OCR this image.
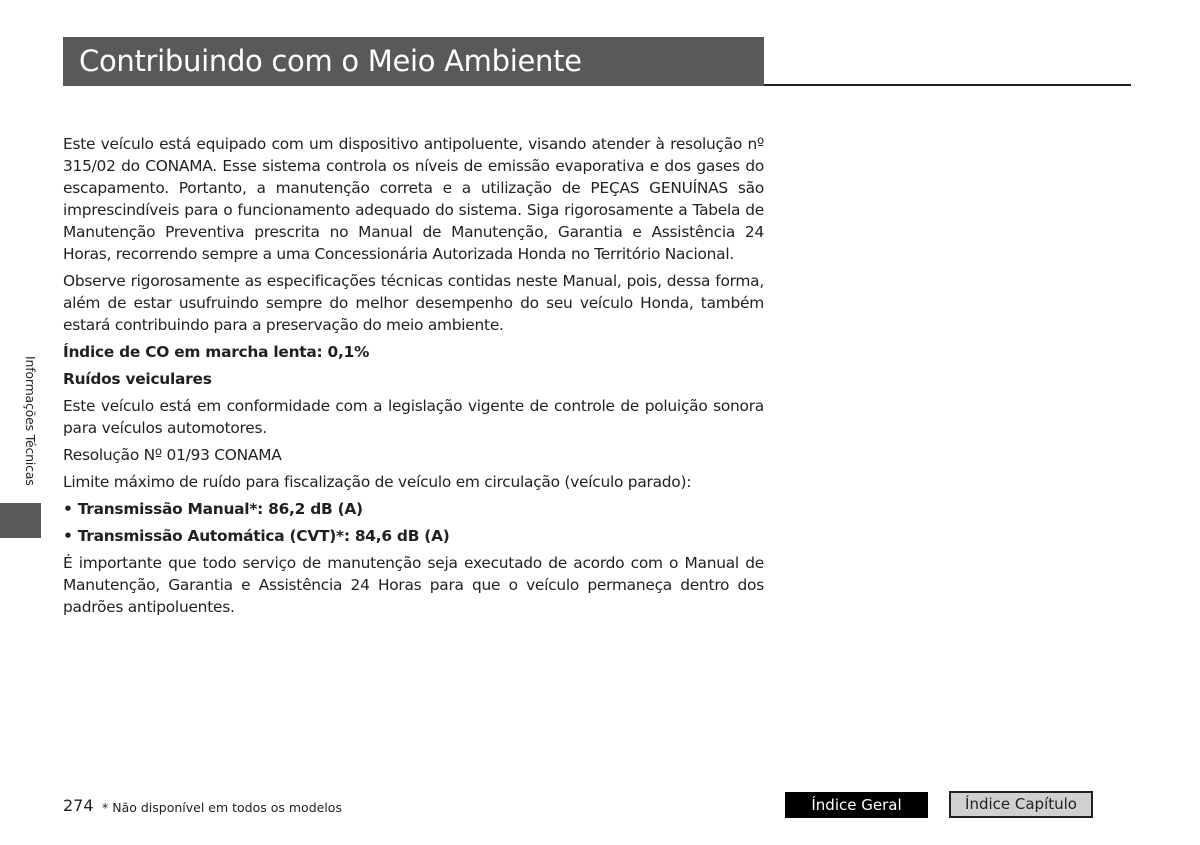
Contribuindo com o Meio Ambiente
Informações Técnicas

Este veículo está equipado com um dispositivo antipoluente, visando atender à resolução nº 315/02 do CONAMA. Esse sistema controla os níveis de emissão evaporativa e dos gases do escapamento. Portanto, a manutenção correta e a utilização de PEÇAS GENUÍNAS são imprescindíveis para o funcionamento adequado do sistema. Siga rigorosamente a Tabela de Manutenção Preventiva prescrita no Manual de Manutenção, Garantia e Assistência 24 Horas, recorrendo sempre a uma Concessionária Autorizada Honda no Território Nacional.

Observe rigorosamente as especificações técnicas contidas neste Manual, pois, dessa forma, além de estar usufruindo sempre do melhor desempenho do seu veículo Honda, também estará contribuindo para a preservação do meio ambiente.

Índice de CO em marcha lenta: 0,1%

Ruídos veiculares

Este veículo está em conformidade com a legislação vigente de controle de poluição sonora para veículos automotores.

Resolução Nº 01/93 CONAMA

Limite máximo de ruído para fiscalização de veículo em circulação (veículo parado):

• Transmissão Manual*: 86,2 dB (A)

• Transmissão Automática (CVT)*: 84,6 dB (A)

É importante que todo serviço de manutenção seja executado de acordo com o Manual de Manutenção, Garantia e Assistência 24 Horas para que o veículo permaneça dentro dos padrões antipoluentes.

274 * Não disponível em todos os modelos	Índice Geral	Índice Capítulo
